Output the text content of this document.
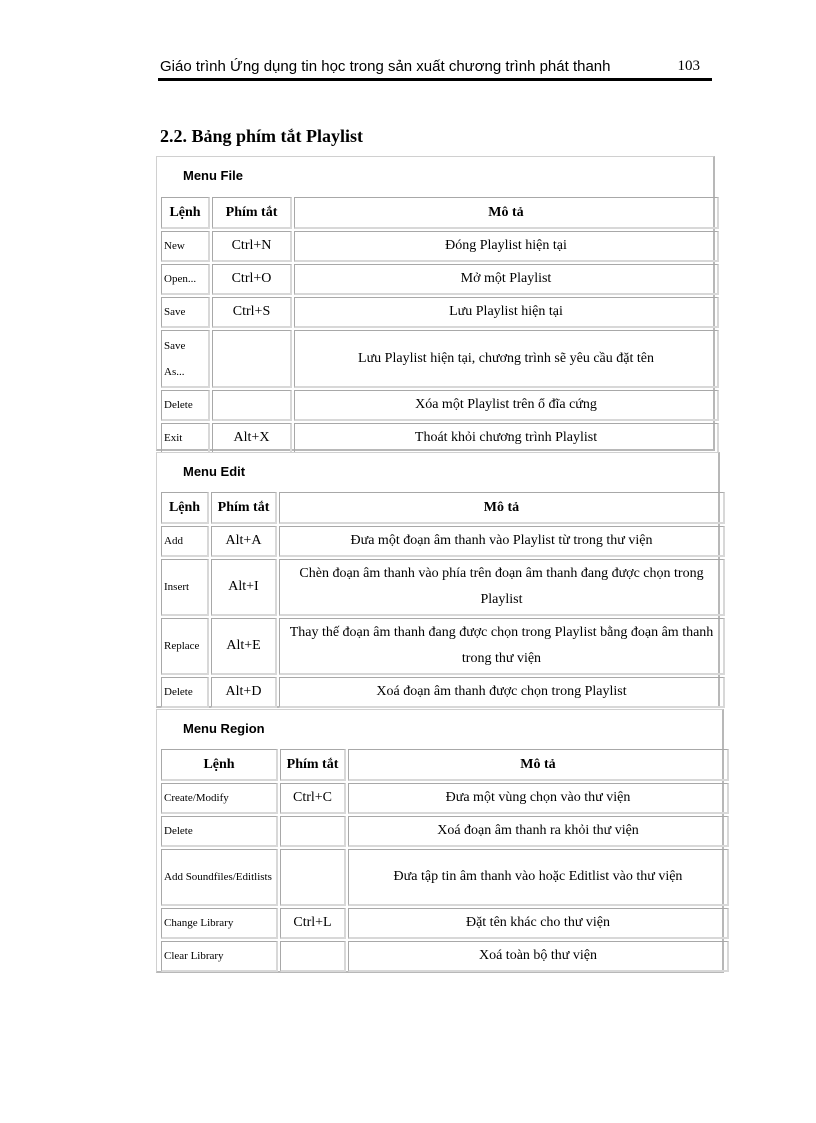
Giáo trình Ứng dụng tin học trong sản xuất chương trình phát thanh	103
2.2. Bảng phím tắt Playlist
Menu File
Lệnh	Phím tắt	Mô tả
New	Ctrl+N	Đóng Playlist hiện tại
Open...	Ctrl+O	Mở một Playlist
Save	Ctrl+S	Lưu Playlist hiện tại
Save As...		Lưu Playlist hiện tại, chương trình sẽ yêu cầu đặt tên
Delete		Xóa một Playlist trên ổ đĩa cứng
Exit	Alt+X	Thoát khỏi chương trình Playlist
Menu Edit
Lệnh	Phím tắt	Mô tả
Add	Alt+A	Đưa một đoạn âm thanh vào Playlist từ trong thư viện
Insert	Alt+I	Chèn đoạn âm thanh vào phía trên đoạn âm thanh đang được chọn trong Playlist
Replace	Alt+E	Thay thế đoạn âm thanh đang được chọn trong Playlist bằng đoạn âm thanh trong thư viện
Delete	Alt+D	Xoá đoạn âm thanh được chọn trong Playlist
Menu Region
Lệnh	Phím tắt	Mô tả
Create/Modify	Ctrl+C	Đưa một vùng chọn vào thư viện
Delete		Xoá đoạn âm thanh ra khỏi thư viện
Add Soundfiles/Editlists		Đưa tập tin âm thanh vào hoặc Editlist vào thư viện
Change Library	Ctrl+L	Đặt tên khác cho thư viện
Clear Library		Xoá toàn bộ thư viện
